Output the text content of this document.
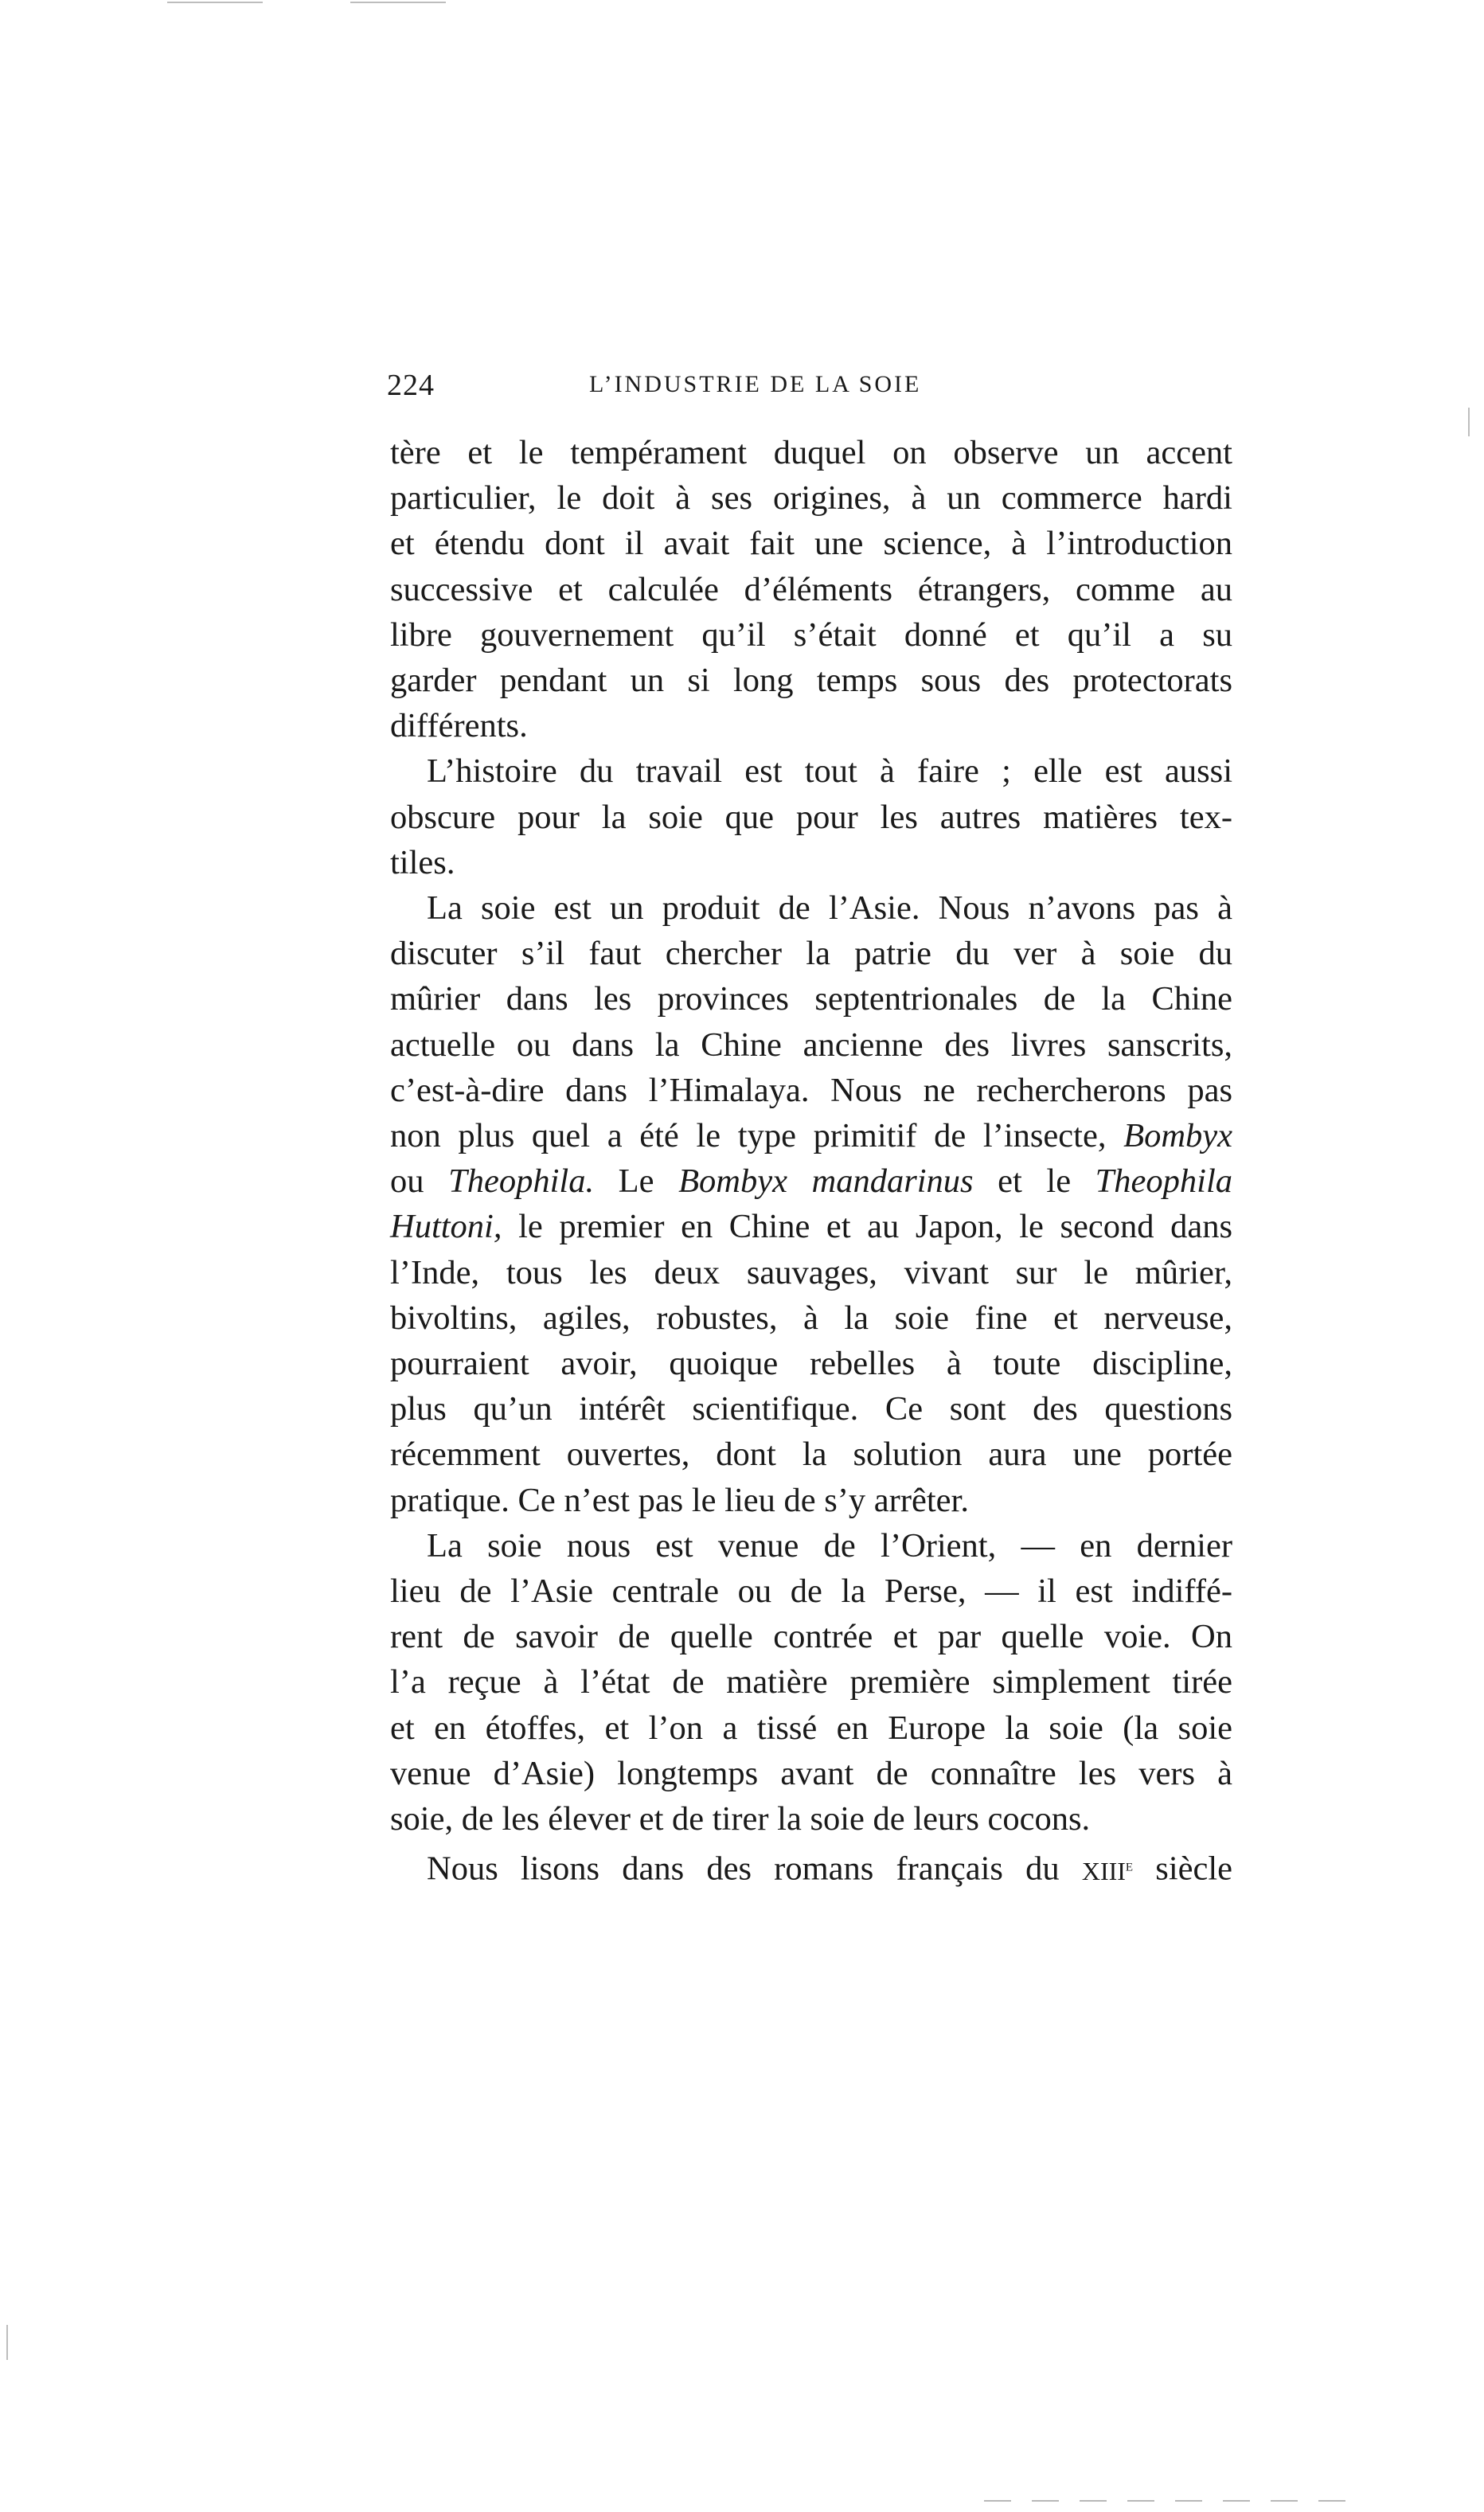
224	L’INDUSTRIE DE LA SOIE
tère et le tempérament duquel on observe un accent
particulier, le doit à ses origines, à un commerce hardi
et étendu dont il avait fait une science, à l’introduction
successive et calculée d’éléments étrangers, comme au
libre gouvernement qu’il s’était donné et qu’il a su
garder pendant un si long temps sous des protectorats
différents.
L’histoire du travail est tout à faire ; elle est aussi
obscure pour la soie que pour les autres matières tex-
tiles.
La soie est un produit de l’Asie. Nous n’avons pas à
discuter s’il faut chercher la patrie du ver à soie du
mûrier dans les provinces septentrionales de la Chine
actuelle ou dans la Chine ancienne des livres sanscrits,
c’est-à-dire dans l’Himalaya. Nous ne rechercherons pas
non plus quel a été le type primitif de l’insecte, Bombyx
ou Theophila. Le Bombyx mandarinus et le Theophila
Huttoni, le premier en Chine et au Japon, le second dans
l’Inde, tous les deux sauvages, vivant sur le mûrier,
bivoltins, agiles, robustes, à la soie fine et nerveuse,
pourraient avoir, quoique rebelles à toute discipline,
plus qu’un intérêt scientifique. Ce sont des questions
récemment ouvertes, dont la solution aura une portée
pratique. Ce n’est pas le lieu de s’y arrêter.
La soie nous est venue de l’Orient, — en dernier
lieu de l’Asie centrale ou de la Perse, — il est indiffé-
rent de savoir de quelle contrée et par quelle voie. On
l’a reçue à l’état de matière première simplement tirée
et en étoffes, et l’on a tissé en Europe la soie (la soie
venue d’Asie) longtemps avant de connaître les vers à
soie, de les élever et de tirer la soie de leurs cocons.
Nous lisons dans des romans français du XIIIe siècle
